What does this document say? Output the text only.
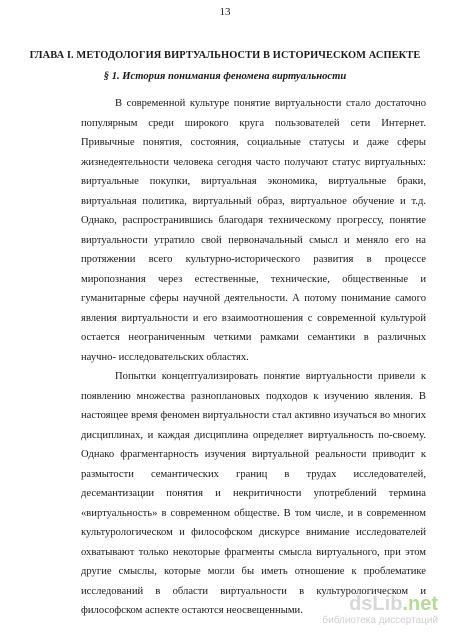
13
ГЛАВА I. МЕТОДОЛОГИЯ ВИРТУАЛЬНОСТИ В ИСТОРИЧЕСКОМ АСПЕКТЕ
§ 1. История понимания феномена виртуальности

В современной культуре понятие виртуальности стало достаточно популярным среди широкого круга пользователей сети Интернет. Привычные понятия, состояния, социальные статусы и даже сферы жизнедеятельности человека сегодня часто получают статус виртуальных: виртуальные покупки, виртуальная экономика, виртуальные браки, виртуальная политика, виртуальный образ, виртуальное обучение и т.д. Однако, распространившись благодаря техническому прогрессу, понятие виртуальности утратило свой первоначальный смысл и меняло его на протяжении всего культурно-исторического развития в процессе миропознания через естественные, технические, общественные и гуманитарные сферы научной деятельности. А потому понимание самого явления виртуальности и его взаимоотношения с современной культурой остается неограниченным четкими рамками семантики в различных научно- исследовательских областях.

Попытки концептуализировать понятие виртуальности привели к появлению множества разноплановых подходов к изучению явления. В настоящее время феномен виртуальности стал активно изучаться во многих дисциплинах, и каждая дисциплина определяет виртуальность по-своему. Однако фрагментарность изучения виртуальной реальности приводит к размытости семантических границ в трудах исследователей, десемантизации понятия и некритичности употреблений термина «виртуальность» в современном обществе. В том числе, и в современном культурологическом и философском дискурсе внимание исследователей охватывают только некоторые фрагменты смысла виртуального, при этом другие смыслы, которые могли бы иметь отношение к проблематике исследований в области виртуальности в культурологическом и философском аспекте остаются неосвещенными.	dsLib.net
библиотека диссертаций
